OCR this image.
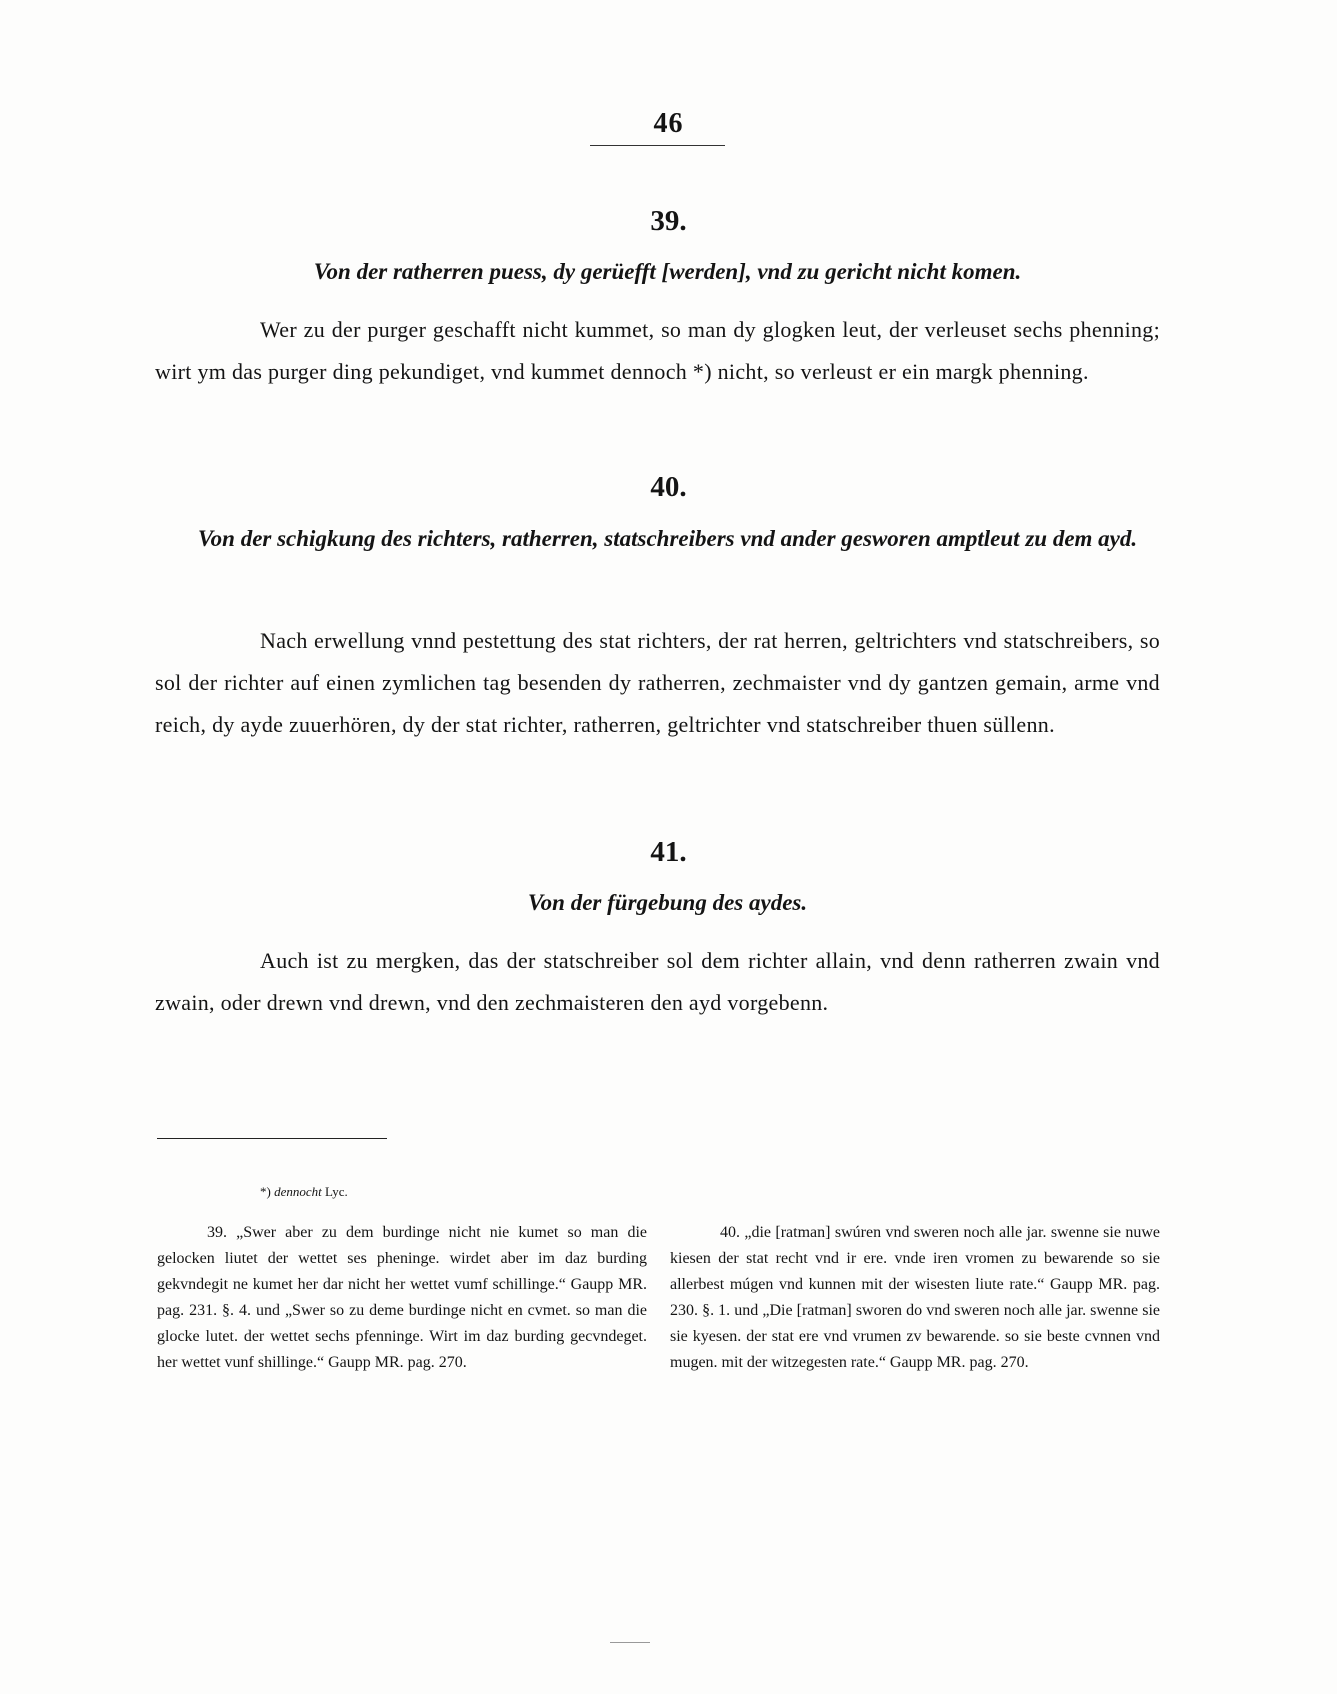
46
39.
Von der ratherren puess, dy gerüefft [werden], vnd zu gericht nicht komen.
Wer zu der purger geschafft nicht kummet, so man dy glogken leut, der verleuset sechs phenning; wirt ym das purger ding pekundiget, vnd kummet dennoch *) nicht, so verleust er ein margk phenning.
40.
Von der schigkung des richters, ratherren, statschreibers vnd ander gesworen amptleut zu dem ayd.
Nach erwellung vnnd pestettung des stat richters, der rat herren, geltrichters vnd statschreibers, so sol der richter auf einen zymlichen tag besenden dy ratherren, zechmaister vnd dy gantzen gemain, arme vnd reich, dy ayde zuuerhören, dy der stat richter, ratherren, geltrichter vnd statschreiber thuen süllenn.
41.
Von der fürgebung des aydes.
Auch ist zu mergken, das der statschreiber sol dem richter allain, vnd denn ratherren zwain vnd zwain, oder drewn vnd drewn, vnd den zechmaisteren den ayd vorgebenn.
*) dennocht Lyc.
39. „Swer aber zu dem burdinge nicht nie kumet so man die gelocken liutet der wettet ses pheninge. wirdet aber im daz burding gekvndegit ne kumet her dar nicht her wettet vumf schillinge.“ Gaupp MR. pag. 231. §. 4. und „Swer so zu deme burdinge nicht en cvmet. so man die glocke lutet. der wettet sechs pfenninge. Wirt im daz burding gecvndeget. her wettet vunf shillinge.“ Gaupp MR. pag. 270.
40. „die [ratman] swúren vnd sweren noch alle jar. swenne sie nuwe kiesen der stat recht vnd ir ere. vnde iren vromen zu bewarende so sie allerbest múgen vnd kunnen mit der wisesten liute rate.“ Gaupp MR. pag. 230. §. 1. und „Die [ratman] sworen do vnd sweren noch alle jar. swenne sie sie kyesen. der stat ere vnd vrumen zv bewarende. so sie beste cvnnen vnd mugen. mit der witzegesten rate.“ Gaupp MR. pag. 270.
